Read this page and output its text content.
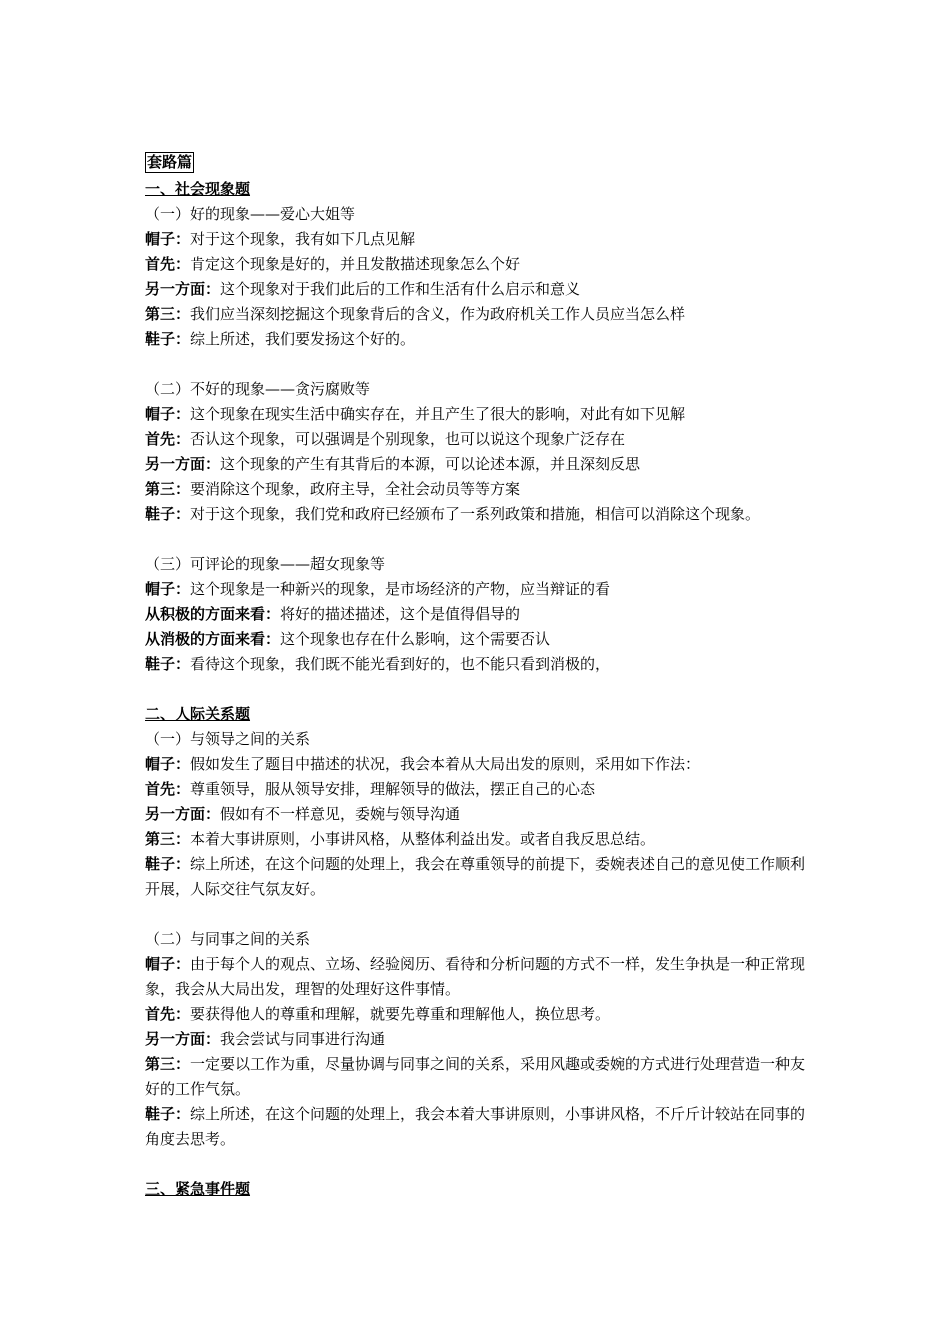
套路篇
一、社会现象题
（一）好的现象——爱心大姐等
帽子：对于这个现象，我有如下几点见解
首先：肯定这个现象是好的，并且发散描述现象怎么个好
另一方面：这个现象对于我们此后的工作和生活有什么启示和意义
第三：我们应当深刻挖掘这个现象背后的含义，作为政府机关工作人员应当怎么样
鞋子：综上所述，我们要发扬这个好的。
（二）不好的现象——贪污腐败等
帽子：这个现象在现实生活中确实存在，并且产生了很大的影响，对此有如下见解
首先：否认这个现象，可以强调是个别现象，也可以说这个现象广泛存在
另一方面：这个现象的产生有其背后的本源，可以论述本源，并且深刻反思
第三：要消除这个现象，政府主导，全社会动员等等方案
鞋子：对于这个现象，我们党和政府已经颁布了一系列政策和措施，相信可以消除这个现象。
（三）可评论的现象——超女现象等
帽子：这个现象是一种新兴的现象，是市场经济的产物，应当辩证的看
从积极的方面来看：将好的描述描述，这个是值得倡导的
从消极的方面来看：这个现象也存在什么影响，这个需要否认
鞋子：看待这个现象，我们既不能光看到好的，也不能只看到消极的，
二、人际关系题
（一）与领导之间的关系
帽子：假如发生了题目中描述的状况，我会本着从大局出发的原则，采用如下作法：
首先：尊重领导，服从领导安排，理解领导的做法，摆正自己的心态
另一方面：假如有不一样意见，委婉与领导沟通
第三：本着大事讲原则，小事讲风格，从整体利益出发。或者自我反思总结。
鞋子：综上所述，在这个问题的处理上，我会在尊重领导的前提下，委婉表述自己的意见使工作顺利开展，人际交往气氛友好。
（二）与同事之间的关系
帽子：由于每个人的观点、立场、经验阅历、看待和分析问题的方式不一样，发生争执是一种正常现象，我会从大局出发，理智的处理好这件事情。
首先：要获得他人的尊重和理解，就要先尊重和理解他人，换位思考。
另一方面：我会尝试与同事进行沟通
第三：一定要以工作为重，尽量协调与同事之间的关系，采用风趣或委婉的方式进行处理营造一种友好的工作气氛。
鞋子：综上所述，在这个问题的处理上，我会本着大事讲原则，小事讲风格，不斤斤计较站在同事的角度去思考。
三、紧急事件题
